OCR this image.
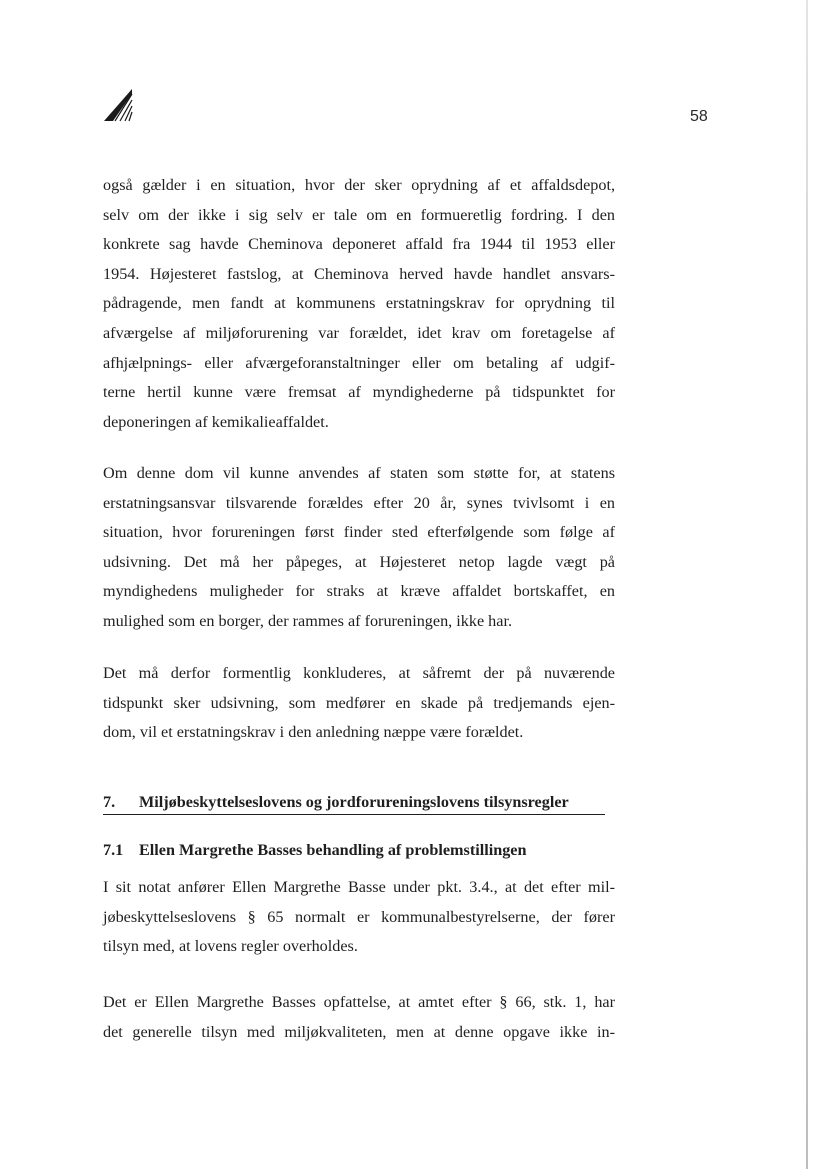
58
også gælder i en situation, hvor der sker oprydning af et affaldsdepot,
selv om der ikke i sig selv er tale om en formueretlig fordring. I den
konkrete sag havde Cheminova deponeret affald fra 1944 til 1953 eller
1954. Højesteret fastslog, at Cheminova herved havde handlet ansvars-
pådragende, men fandt at kommunens erstatningskrav for oprydning til
afværgelse af miljøforurening var forældet, idet krav om foretagelse af
afhjælpnings- eller afværgeforanstaltninger eller om betaling af udgif-
terne hertil kunne være fremsat af myndighederne på tidspunktet for
deponeringen af kemikalieaffaldet.
Om denne dom vil kunne anvendes af staten som støtte for, at statens
erstatningsansvar tilsvarende forældes efter 20 år, synes tvivlsomt i en
situation, hvor forureningen først finder sted efterfølgende som følge af
udsivning. Det må her påpeges, at Højesteret netop lagde vægt på
myndighedens muligheder for straks at kræve affaldet bortskaffet, en
mulighed som en borger, der rammes af forureningen, ikke har.
Det må derfor formentlig konkluderes, at såfremt der på nuværende
tidspunkt sker udsivning, som medfører en skade på tredjemands ejen-
dom, vil et erstatningskrav i den anledning næppe være forældet.
7. Miljøbeskyttelseslovens og jordforureningslovens tilsynsregler
7.1 Ellen Margrethe Basses behandling af problemstillingen
I sit notat anfører Ellen Margrethe Basse under pkt. 3.4., at det efter mil-
jøbeskyttelseslovens § 65 normalt er kommunalbestyrelserne, der fører
tilsyn med, at lovens regler overholdes.
Det er Ellen Margrethe Basses opfattelse, at amtet efter § 66, stk. 1, har
det generelle tilsyn med miljøkvaliteten, men at denne opgave ikke in-
